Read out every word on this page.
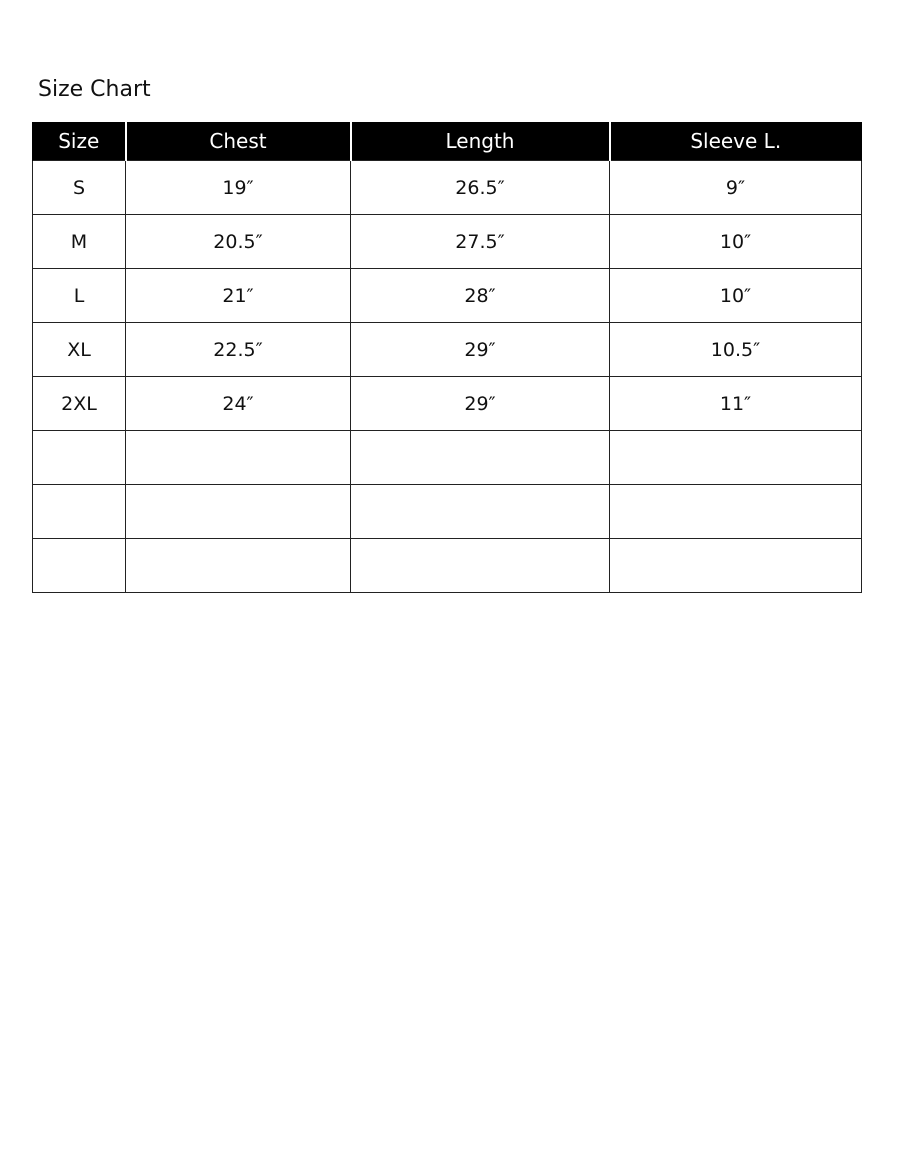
Size Chart
Size	Chest	Length	Sleeve L.
S	19″	26.5″	9″
M	20.5″	27.5″	10″
L	21″	28″	10″
XL	22.5″	29″	10.5″
2XL	24″	29″	11″
